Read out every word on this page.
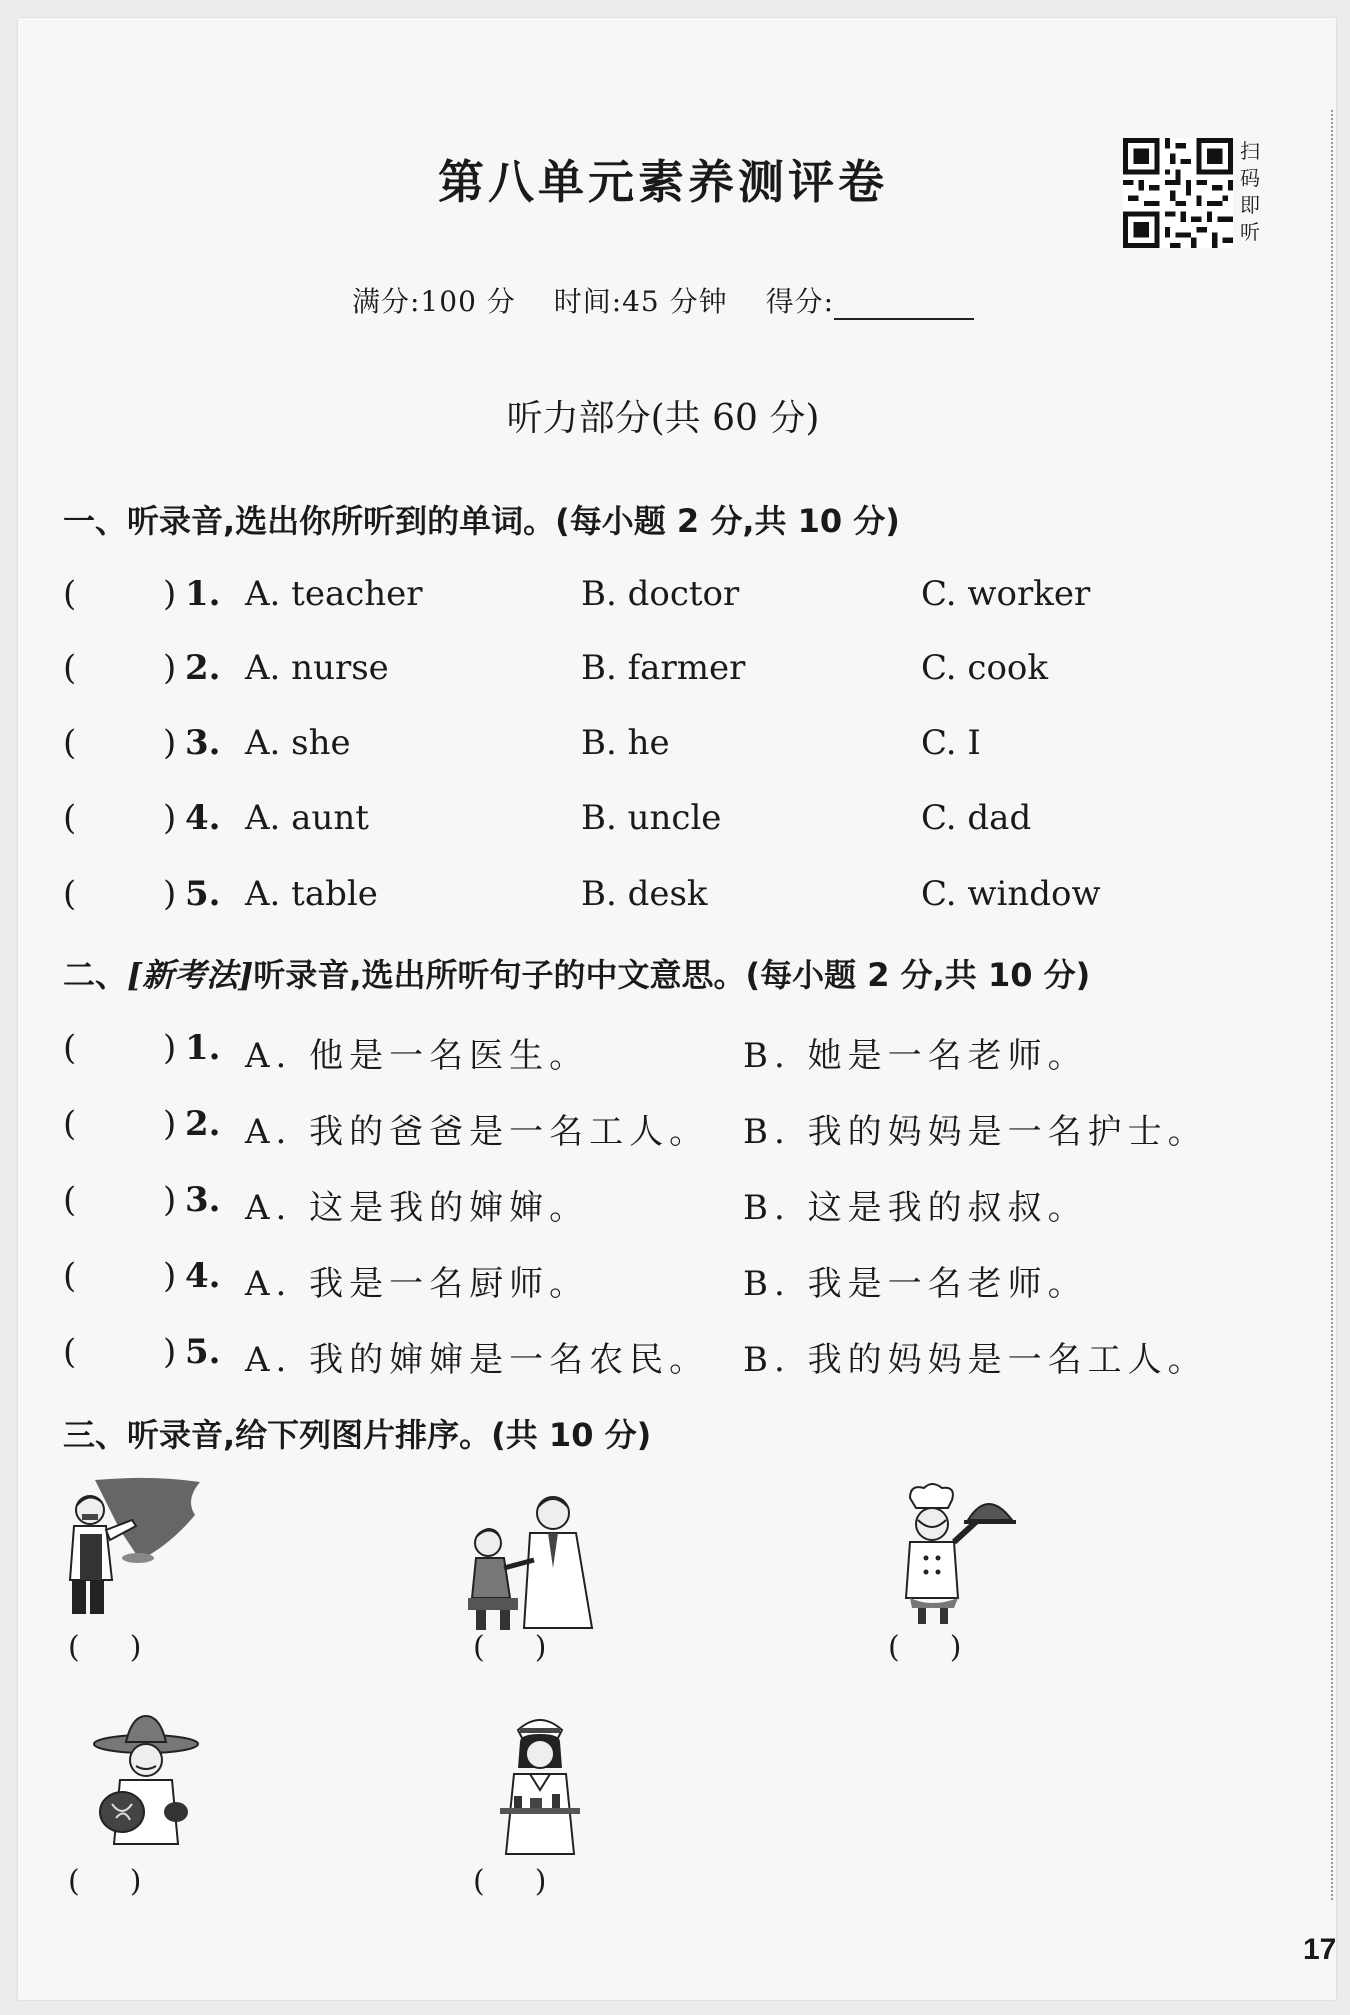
第八单元素养测评卷
扫码即听
满分:100 分 时间:45 分钟 得分:
听力部分(共 60 分)
一、听录音,选出你所听到的单词。(每小题 2 分,共 10 分)
(	) 1. A. teacher	B. doctor	C. worker
(	) 2. A. nurse	B. farmer	C. cook
(	) 3. A. she	B. he	C. I
(	) 4. A. aunt	B. uncle	C. dad
(	) 5. A. table	B. desk	C. window
二、[新考法]听录音,选出所听句子的中文意思。(每小题 2 分,共 10 分)
(	) 1. A. 他是一名医生。	B. 她是一名老师。
(	) 2. A. 我的爸爸是一名工人。 B. 我的妈妈是一名护士。
(	) 3. A. 这是我的婶婶。	B. 这是我的叔叔。
(	) 4. A. 我是一名厨师。	B. 我是一名老师。
(	) 5. A. 我的婶婶是一名农民。 B. 我的妈妈是一名工人。
三、听录音,给下列图片排序。(共 10 分)
( )	( )	( )
( )	( )
17
